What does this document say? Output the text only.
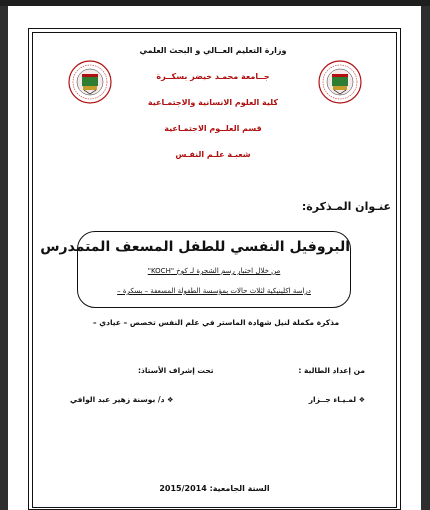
وزارة التعليم العــالي و البحث العلمي
جــامعة محمـد خيضر بسكــرة
كلية العلوم الانسانية والاجتمـاعية
قسم العلــوم الاجتمـاعية
شعبـة علـم النفـس
عنـوان المـذكرة:
البروفيل النفسي للطفل المسعف المتمدرس
من خلال اختبار رسم الشجرة لـ كوخ "KOCH"
دراسة اكلينيكية لثلاث حالات بمؤسسة الطفولة المسعفة – بسكرة –
مذكرة مكملة لنيل شهادة الماستر في علم النفس تخصص – عيادي –
من إعداد الطالبة :
تحت إشراف الأستاذ:
❖ لمـيـاء جــزار
❖ د/ بوسنة زهير عبد الوافي
السنة الجامعية: 2015/2014
